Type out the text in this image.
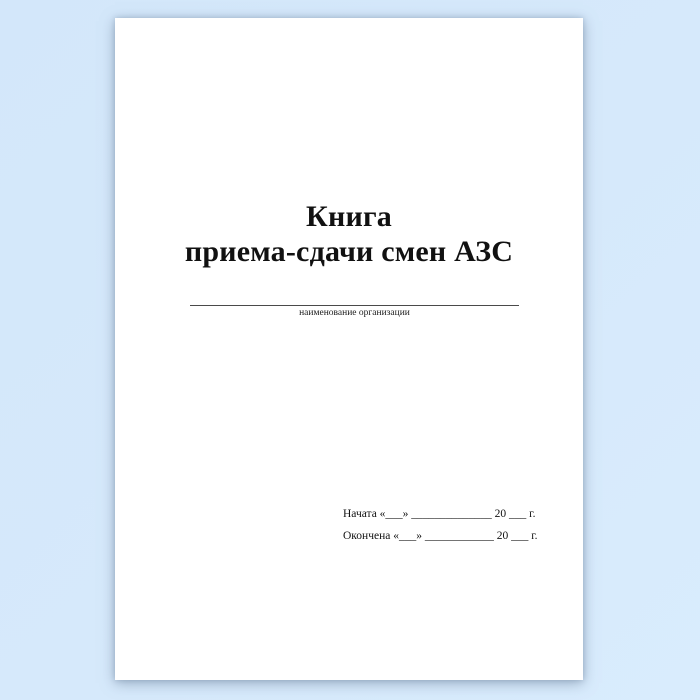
Книга
приема-сдачи смен АЗС
наименование организации
Начата «___» ______________ 20 ___ г.
Окончена «___» ____________ 20 ___ г.
